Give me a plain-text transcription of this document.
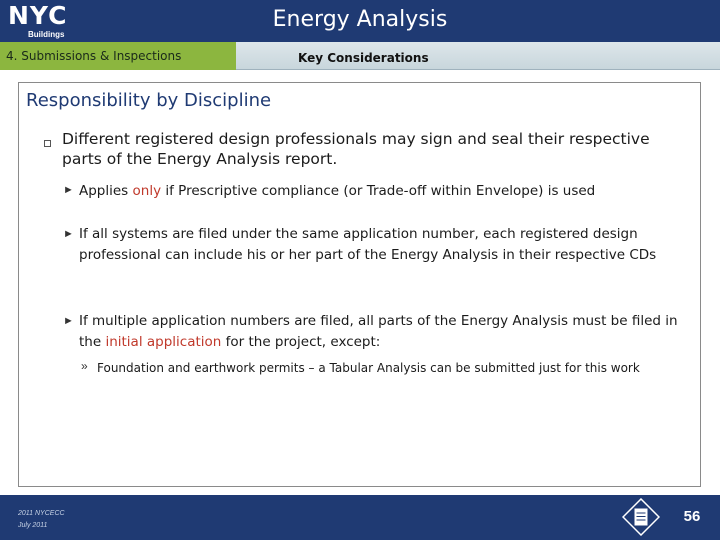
NYC
Buildings
Energy Analysis
4. Submissions & Inspections	Key Considerations
Responsibility by Discipline
Different registered design professionals may sign and seal their respective parts of the Energy Analysis report.
► Applies only if Prescriptive compliance (or Trade-off within Envelope) is used
► If all systems are filed under the same application number, each registered design professional can include his or her part of the Energy Analysis in their respective CDs
► If multiple application numbers are filed, all parts of the Energy Analysis must be filed in the initial application for the project, except:
» Foundation and earthwork permits – a Tabular Analysis can be submitted just for this work
2011 NYCECC
July 2011
56
